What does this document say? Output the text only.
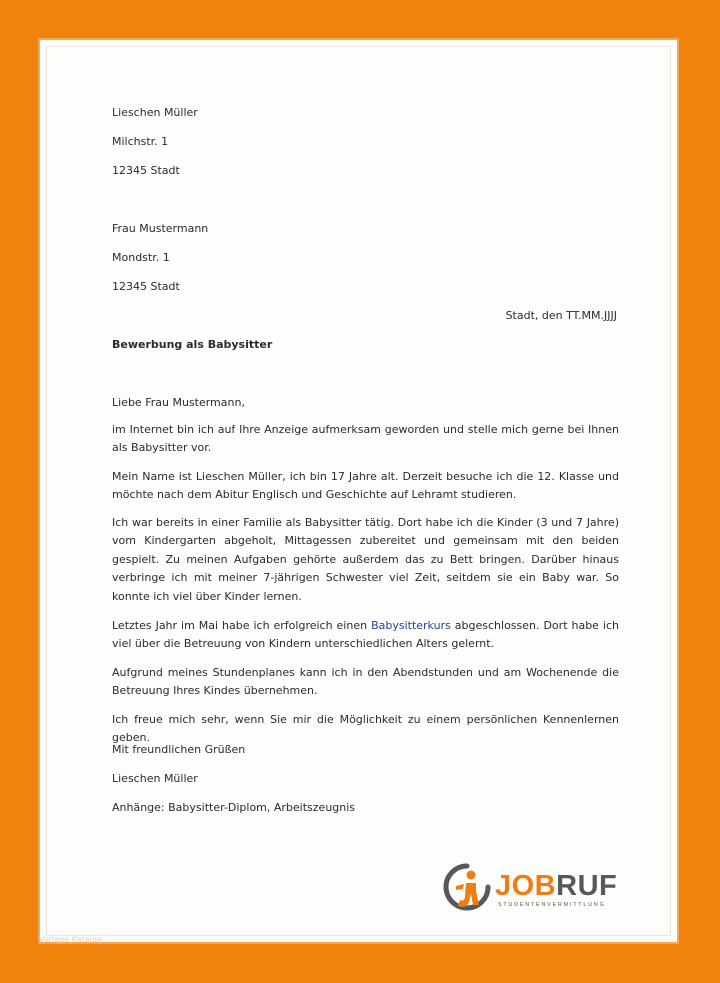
Lieschen Müller
Milchstr. 1
12345 Stadt
Frau Mustermann
Mondstr. 1
12345 Stadt
Stadt, den TT.MM.JJJJ
Bewerbung als Babysitter
Liebe Frau Mustermann,
im Internet bin ich auf Ihre Anzeige aufmerksam geworden und stelle mich gerne bei Ihnen als Babysitter vor.
Mein Name ist Lieschen Müller, ich bin 17 Jahre alt. Derzeit besuche ich die 12. Klasse und möchte nach dem Abitur Englisch und Geschichte auf Lehramt studieren.
Ich war bereits in einer Familie als Babysitter tätig. Dort habe ich die Kinder (3 und 7 Jahre) vom Kindergarten abgeholt, Mittagessen zubereitet und gemeinsam mit den beiden gespielt. Zu meinen Aufgaben gehörte außerdem das zu Bett bringen. Darüber hinaus verbringe ich mit meiner 7-jährigen Schwester viel Zeit, seitdem sie ein Baby war. So konnte ich viel über Kinder lernen.
Letztes Jahr im Mai habe ich erfolgreich einen Babysitterkurs abgeschlossen. Dort habe ich viel über die Betreuung von Kindern unterschiedlichen Alters gelernt.
Aufgrund meines Stundenplanes kann ich in den Abendstunden und am Wochenende die Betreuung Ihres Kindes übernehmen.
Ich freue mich sehr, wenn Sie mir die Möglichkeit zu einem persönlichen Kennenlernen geben.
Mit freundlichen Grüßen
Lieschen Müller
Anhänge: Babysitter-Diplom, Arbeitszeugnis
JOBRUF
STUDENTENVERMITTLUNG
Vorlage Katalog
